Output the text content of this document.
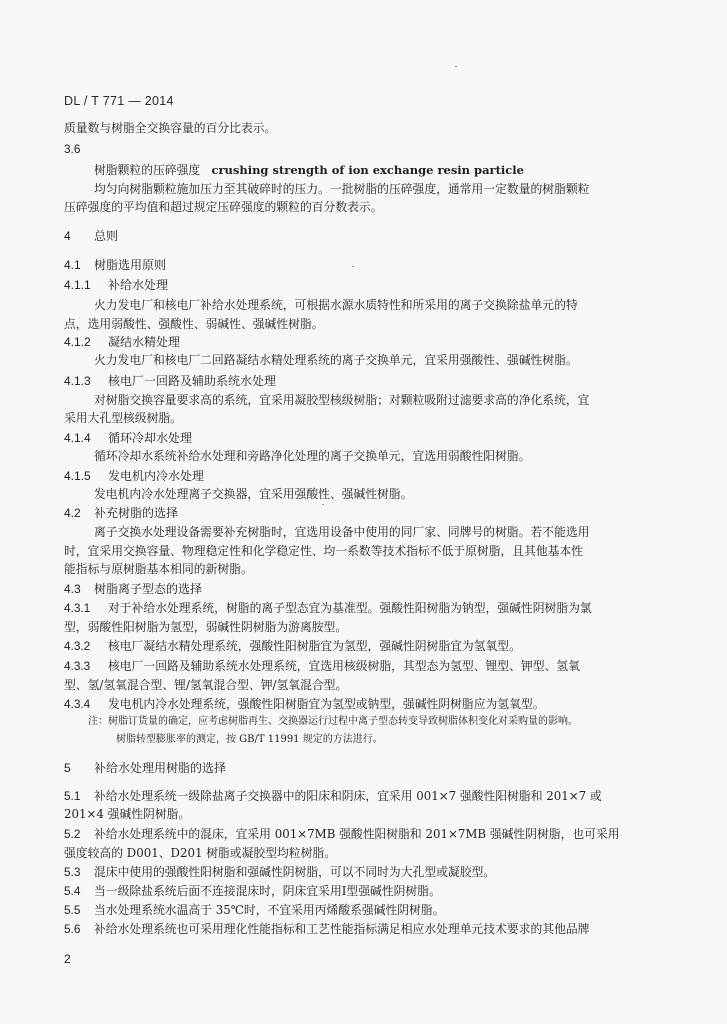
DL / T 771 — 2014
质量数与树脂全交换容量的百分比表示。
3.6
树脂颗粒的压碎强度 crushing strength of ion exchange resin particle
均匀向树脂颗粒施加压力至其破碎时的压力。一批树脂的压碎强度，通常用一定数量的树脂颗粒
压碎强度的平均值和超过规定压碎强度的颗粒的百分数表示。
4 总则
4.1 树脂选用原则
4.1.1 补给水处理
火力发电厂和核电厂补给水处理系统，可根据水源水质特性和所采用的离子交换除盐单元的特
点，选用弱酸性、强酸性、弱碱性、强碱性树脂。
4.1.2 凝结水精处理
火力发电厂和核电厂二回路凝结水精处理系统的离子交换单元，宜采用强酸性、强碱性树脂。
4.1.3 核电厂一回路及辅助系统水处理
对树脂交换容量要求高的系统，宜采用凝胶型核级树脂；对颗粒吸附过滤要求高的净化系统，宜
采用大孔型核级树脂。
4.1.4 循环冷却水处理
循环冷却水系统补给水处理和旁路净化处理的离子交换单元，宜选用弱酸性阳树脂。
4.1.5 发电机内冷水处理
发电机内冷水处理离子交换器，宜采用强酸性、强碱性树脂。
4.2 补充树脂的选择
离子交换水处理设备需要补充树脂时，宜选用设备中使用的同厂家、同牌号的树脂。若不能选用
时，宜采用交换容量、物理稳定性和化学稳定性、均一系数等技术指标不低于原树脂，且其他基本性
能指标与原树脂基本相同的新树脂。
4.3 树脂离子型态的选择
4.3.1 对于补给水处理系统，树脂的离子型态宜为基准型。强酸性阳树脂为钠型，强碱性阴树脂为氯
型，弱酸性阳树脂为氢型，弱碱性阴树脂为游离胺型。
4.3.2 核电厂凝结水精处理系统，强酸性阳树脂宜为氢型，强碱性阴树脂宜为氢氧型。
4.3.3 核电厂一回路及辅助系统水处理系统，宜选用核级树脂，其型态为氢型、锂型、钾型、氢氧
型、氢/氢氧混合型、锂/氢氧混合型、钾/氢氧混合型。
4.3.4 发电机内冷水处理系统，强酸性阳树脂宜为氢型或钠型，强碱性阴树脂应为氢氧型。
注：树脂订货量的确定，应考虑树脂再生、交换器运行过程中离子型态转变导致树脂体积变化对采购量的影响。
树脂转型膨胀率的测定，按 GB/T 11991 规定的方法进行。
5 补给水处理用树脂的选择
5.1 补给水处理系统一级除盐离子交换器中的阳床和阴床，宜采用 001×7 强酸性阳树脂和 201×7 或
201×4 强碱性阴树脂。
5.2 补给水处理系统中的混床，宜采用 001×7MB 强酸性阳树脂和 201×7MB 强碱性阴树脂，也可采用
强度较高的 D001、D201 树脂或凝胶型均粒树脂。
5.3 混床中使用的强酸性阳树脂和强碱性阴树脂，可以不同时为大孔型或凝胶型。
5.4 当一级除盐系统后面不连接混床时，阴床宜采用Ⅰ型强碱性阴树脂。
5.5 当水处理系统水温高于 35℃时，不宜采用丙烯酸系强碱性阴树脂。
5.6 补给水处理系统也可采用理化性能指标和工艺性能指标满足相应水处理单元技术要求的其他品牌
2
